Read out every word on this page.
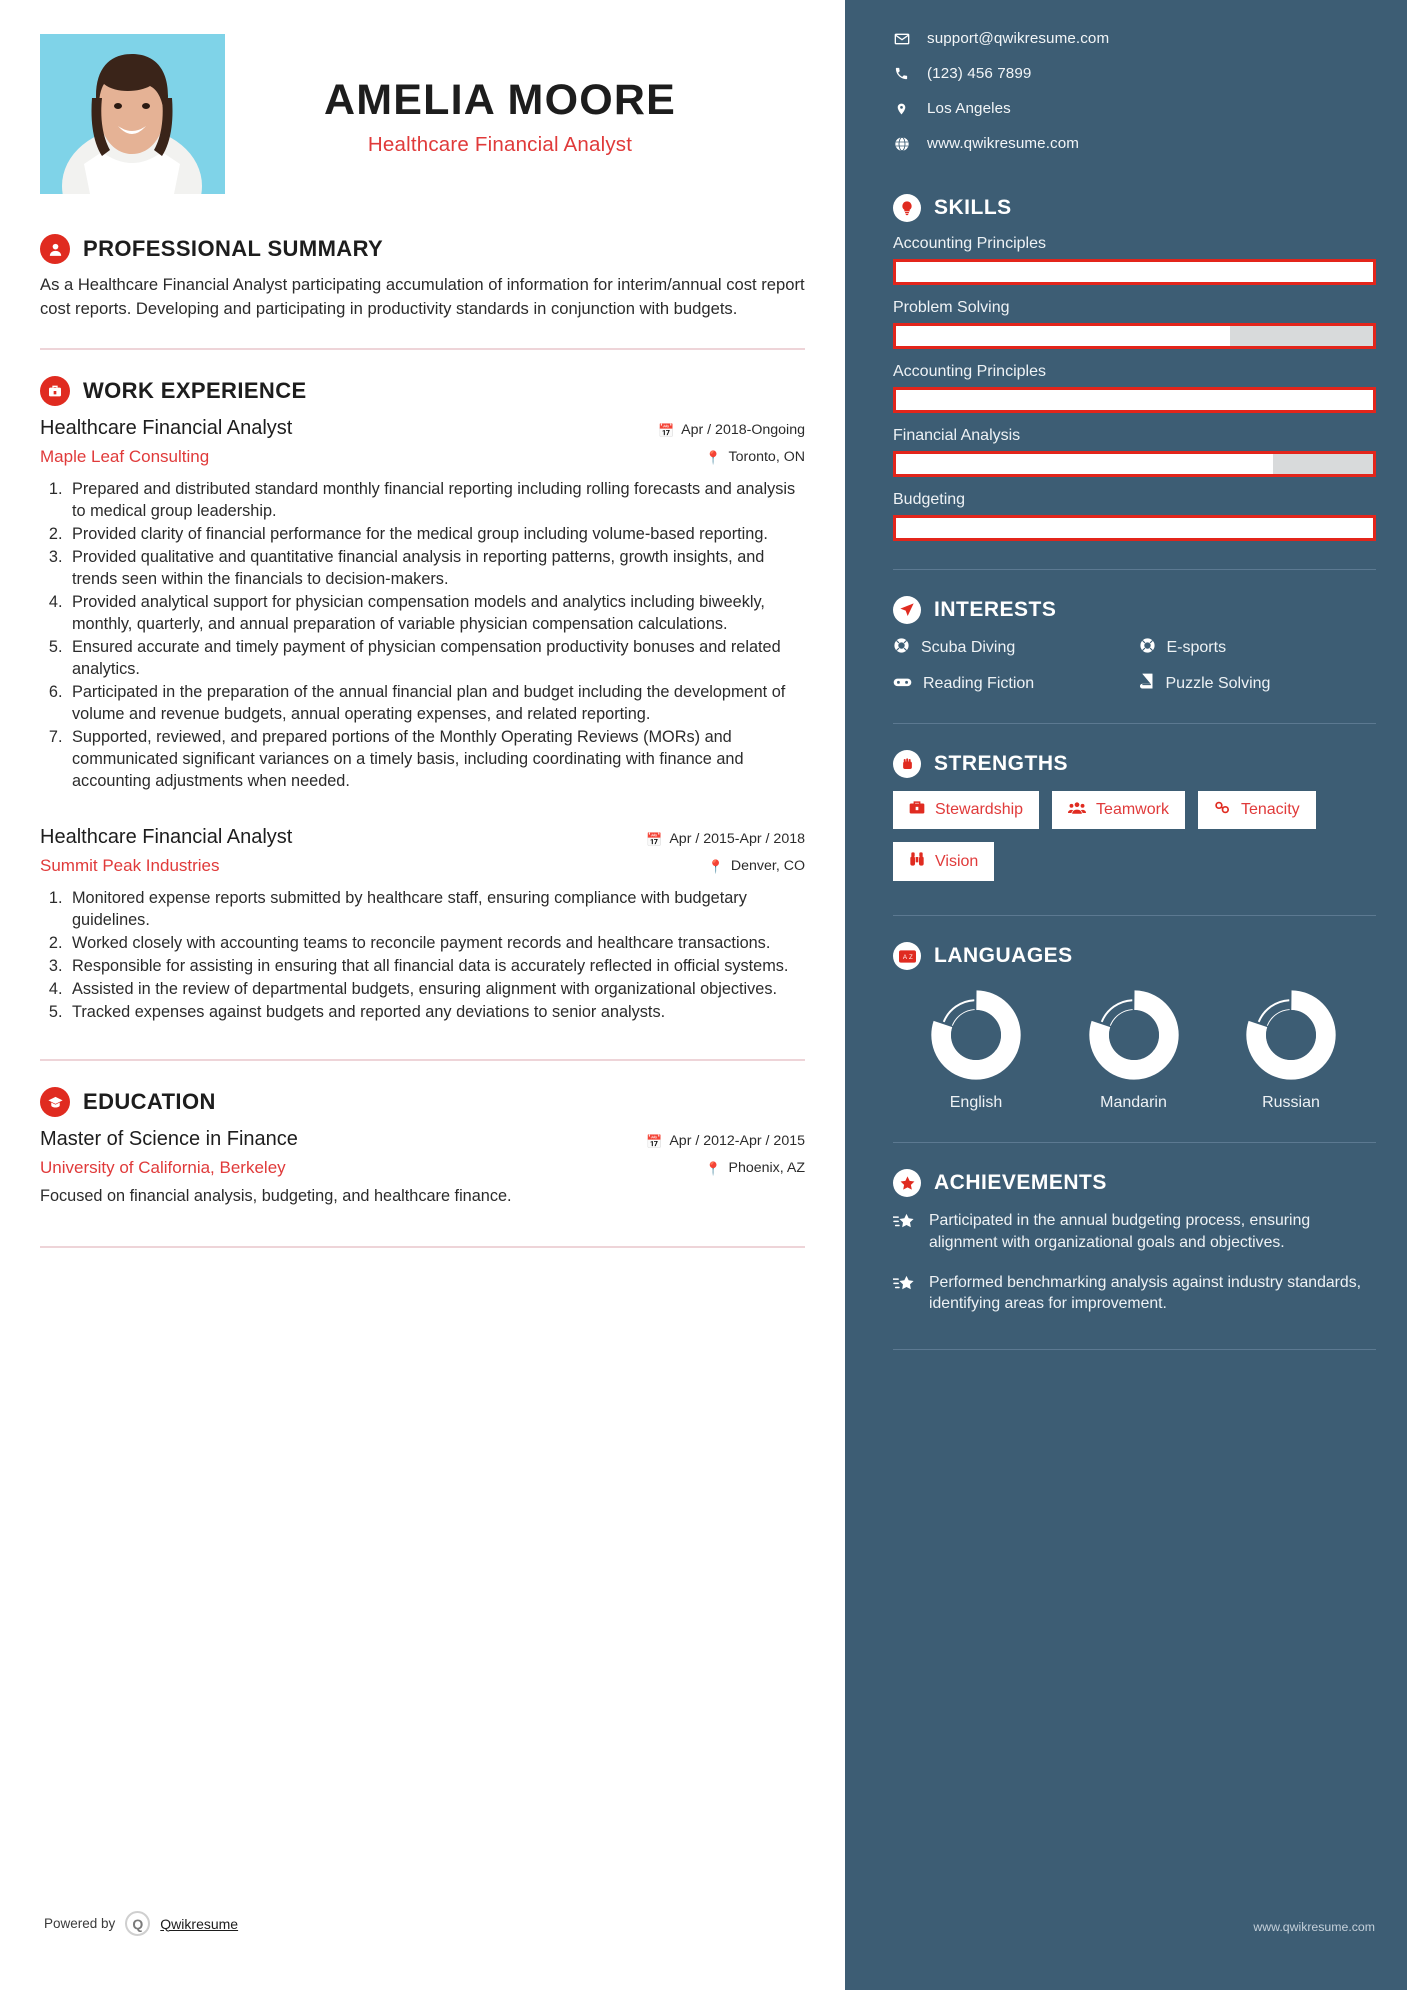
AMELIA MOORE
Healthcare Financial Analyst
PROFESSIONAL SUMMARY
As a Healthcare Financial Analyst participating accumulation of information for interim/annual cost report cost reports. Developing and participating in productivity standards in conjunction with budgets.
WORK EXPERIENCE
Healthcare Financial Analyst
Maple Leaf Consulting
📅 Apr / 2018-Ongoing
📍 Toronto, ON
1. Prepared and distributed standard monthly financial reporting including rolling forecasts and analysis to medical group leadership.
2. Provided clarity of financial performance for the medical group including volume-based reporting.
3. Provided qualitative and quantitative financial analysis in reporting patterns, growth insights, and trends seen within the financials to decision-makers.
4. Provided analytical support for physician compensation models and analytics including biweekly, monthly, quarterly, and annual preparation of variable physician compensation calculations.
5. Ensured accurate and timely payment of physician compensation productivity bonuses and related analytics.
6. Participated in the preparation of the annual financial plan and budget including the development of volume and revenue budgets, annual operating expenses, and related reporting.
7. Supported, reviewed, and prepared portions of the Monthly Operating Reviews (MORs) and communicated significant variances on a timely basis, including coordinating with finance and accounting adjustments when needed.
Healthcare Financial Analyst
Summit Peak Industries
📅 Apr / 2015-Apr / 2018
📍 Denver, CO
1. Monitored expense reports submitted by healthcare staff, ensuring compliance with budgetary guidelines.
2. Worked closely with accounting teams to reconcile payment records and healthcare transactions.
3. Responsible for assisting in ensuring that all financial data is accurately reflected in official systems.
4. Assisted in the review of departmental budgets, ensuring alignment with organizational objectives.
5. Tracked expenses against budgets and reported any deviations to senior analysts.
EDUCATION
Master of Science in Finance
University of California, Berkeley
📅 Apr / 2012-Apr / 2015
📍 Phoenix, AZ
Focused on financial analysis, budgeting, and healthcare finance.
Powered by	Q	Qwikresume
support@qwikresume.com
(123) 456 7899
Los Angeles
www.qwikresume.com
SKILLS
Accounting Principles
Problem Solving
Accounting Principles
Financial Analysis
Budgeting
INTERESTS
Scuba Diving	E-sports
Reading Fiction	Puzzle Solving
STRENGTHS
Stewardship	Teamwork	Tenacity
Vision
A Z LANGUAGES
English	Mandarin	Russian
ACHIEVEMENTS
Participated in the annual budgeting process, ensuring alignment with organizational goals and objectives.
Performed benchmarking analysis against industry standards, identifying areas for improvement.
www.qwikresume.com
